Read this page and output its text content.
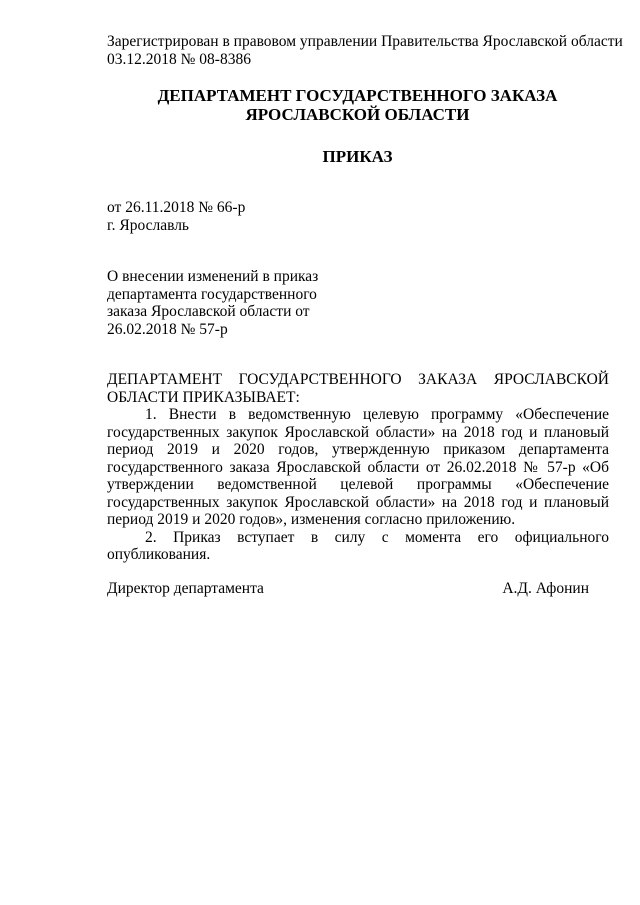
Зарегистрирован в правовом управлении Правительства Ярославской области
03.12.2018 № 08-8386
ДЕПАРТАМЕНТ ГОСУДАРСТВЕННОГО ЗАКАЗА
ЯРОСЛАВСКОЙ ОБЛАСТИ
ПРИКАЗ
от 26.11.2018 № 66-р
г. Ярославль
О внесении изменений в приказ
департамента государственного
заказа Ярославской области от
26.02.2018 № 57-р

ДЕПАРТАМЕНТ ГОСУДАРСТВЕННОГО ЗАКАЗА ЯРОСЛАВСКОЙ ОБЛАСТИ ПРИКАЗЫВАЕТ:

1. Внести в ведомственную целевую программу «Обеспечение государственных закупок Ярославской области» на 2018 год и плановый период 2019 и 2020 годов, утвержденную приказом департамента государственного заказа Ярославской области от 26.02.2018 № 57-р «Об утверждении ведомственной целевой программы «Обеспечение государственных закупок Ярославской области» на 2018 год и плановый период 2019 и 2020 годов», изменения согласно приложению.

2. Приказ вступает в силу с момента его официального опубликования.

Директор департамента	А.Д. Афонин
